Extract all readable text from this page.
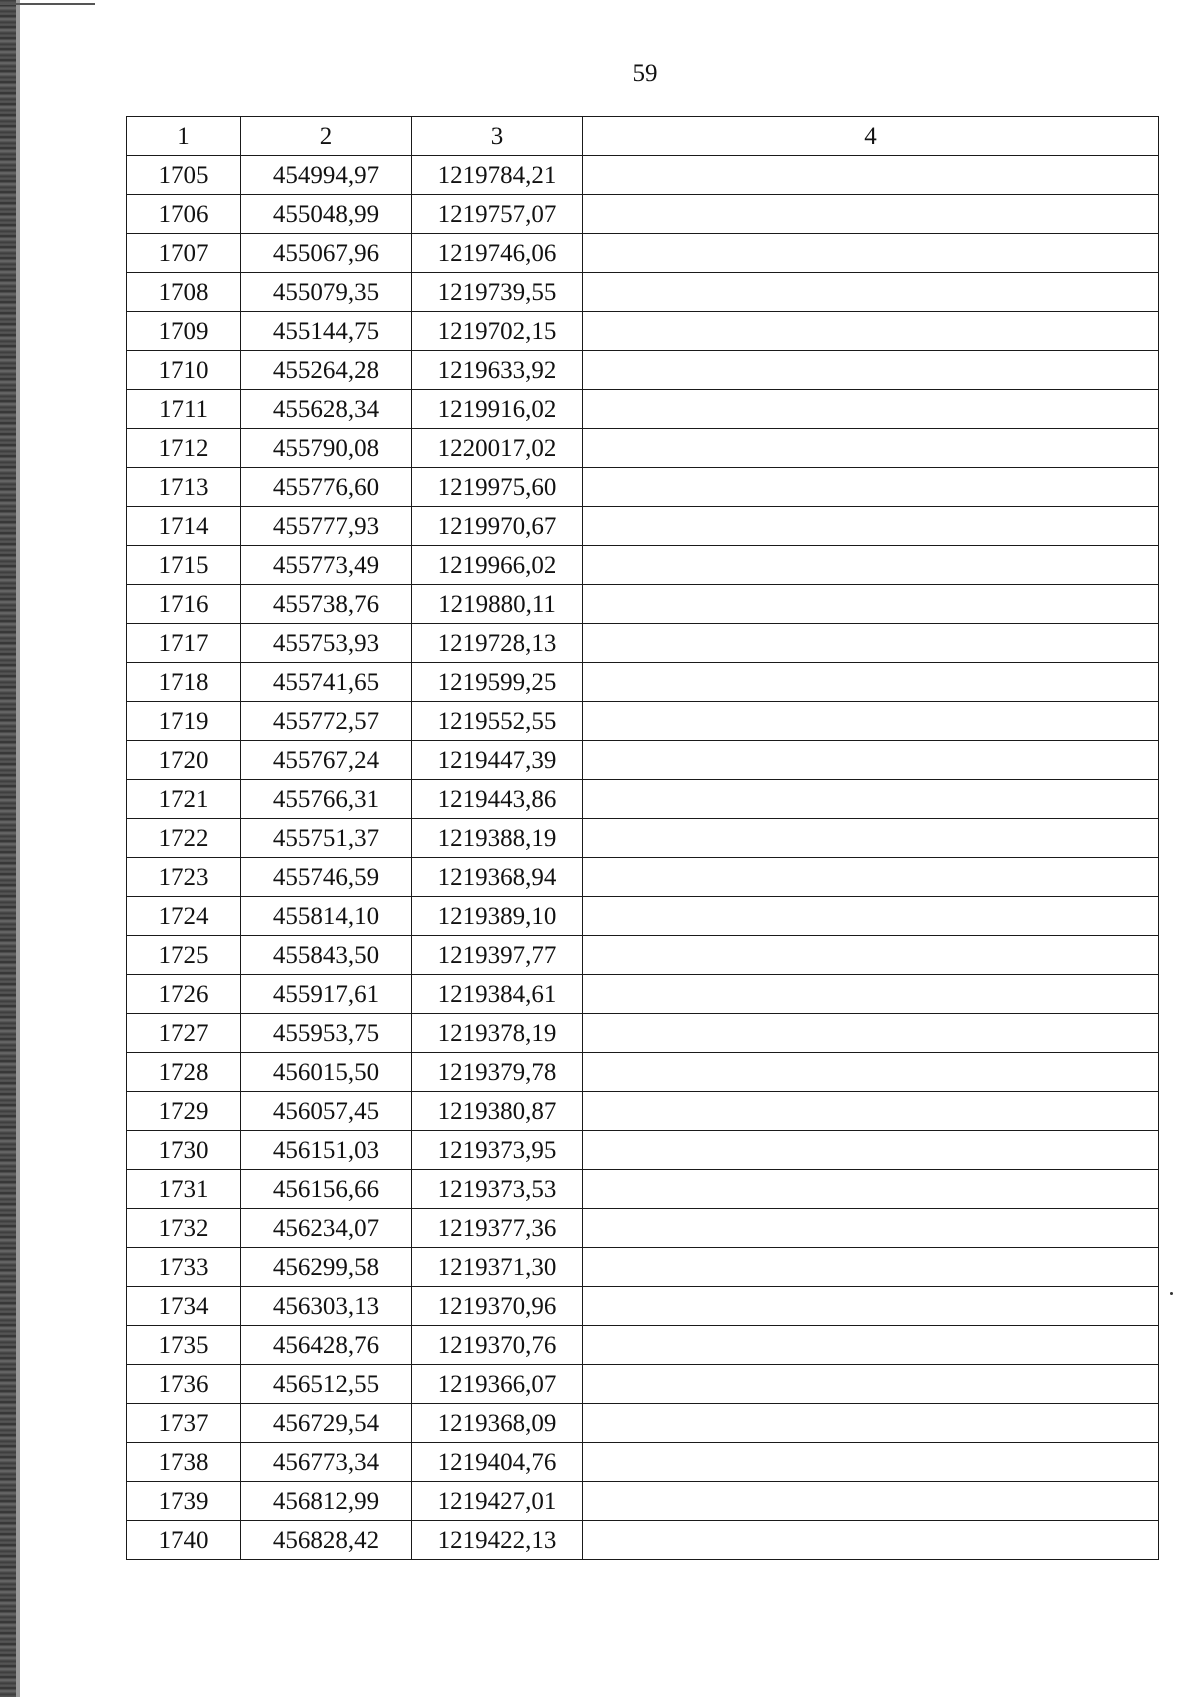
59
1	2	3	4
1705	454994,97	1219784,21	
1706	455048,99	1219757,07	
1707	455067,96	1219746,06	
1708	455079,35	1219739,55	
1709	455144,75	1219702,15	
1710	455264,28	1219633,92	
1711	455628,34	1219916,02	
1712	455790,08	1220017,02	
1713	455776,60	1219975,60	
1714	455777,93	1219970,67	
1715	455773,49	1219966,02	
1716	455738,76	1219880,11	
1717	455753,93	1219728,13	
1718	455741,65	1219599,25	
1719	455772,57	1219552,55	
1720	455767,24	1219447,39	
1721	455766,31	1219443,86	
1722	455751,37	1219388,19	
1723	455746,59	1219368,94	
1724	455814,10	1219389,10	
1725	455843,50	1219397,77	
1726	455917,61	1219384,61	
1727	455953,75	1219378,19	
1728	456015,50	1219379,78	
1729	456057,45	1219380,87	
1730	456151,03	1219373,95	
1731	456156,66	1219373,53	
1732	456234,07	1219377,36	
1733	456299,58	1219371,30	
1734	456303,13	1219370,96	
1735	456428,76	1219370,76	
1736	456512,55	1219366,07	
1737	456729,54	1219368,09	
1738	456773,34	1219404,76	
1739	456812,99	1219427,01	
1740	456828,42	1219422,13	
